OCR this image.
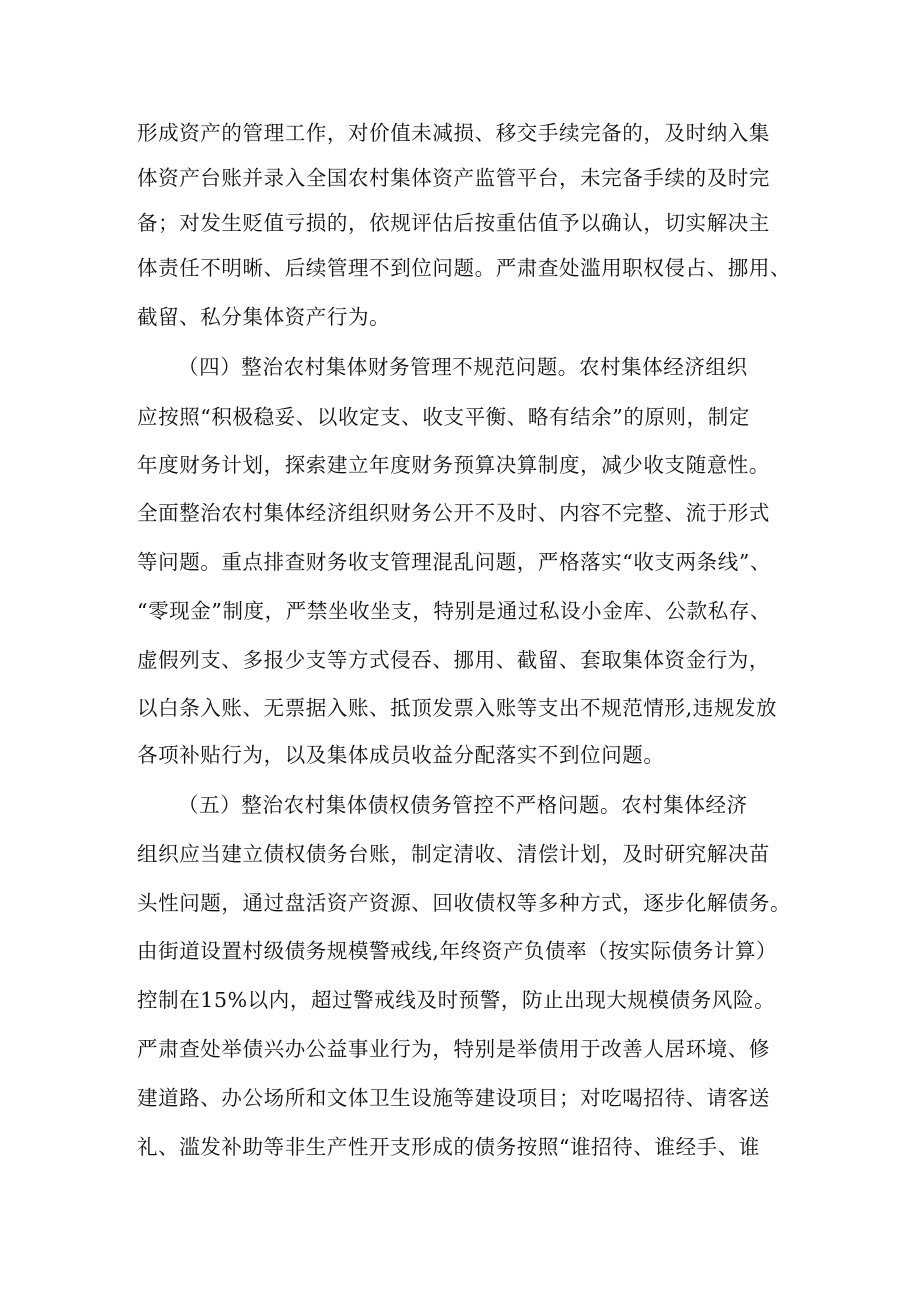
形成资产的管理工作，对价值未减损、移交手续完备的，及时纳入集
体资产台账并录入全国农村集体资产监管平台，未完备手续的及时完
备；对发生贬值亏损的，依规评估后按重估值予以确认，切实解决主
体责任不明晰、后续管理不到位问题。严肃查处滥用职权侵占、挪用、
截留、私分集体资产行为。
（四）整治农村集体财务管理不规范问题。农村集体经济组织
应按照“积极稳妥、以收定支、收支平衡、略有结余”的原则，制定
年度财务计划，探索建立年度财务预算决算制度，减少收支随意性。
全面整治农村集体经济组织财务公开不及时、内容不完整、流于形式
等问题。重点排查财务收支管理混乱问题，严格落实“收支两条线”、
“零现金”制度，严禁坐收坐支，特别是通过私设小金库、公款私存、
虚假列支、多报少支等方式侵吞、挪用、截留、套取集体资金行为，
以白条入账、无票据入账、抵顶发票入账等支出不规范情形,违规发放
各项补贴行为，以及集体成员收益分配落实不到位问题。
（五）整治农村集体债权债务管控不严格问题。农村集体经济
组织应当建立债权债务台账，制定清收、清偿计划，及时研究解决苗
头性问题，通过盘活资产资源、回收债权等多种方式，逐步化解债务。
由街道设置村级债务规模警戒线,年终资产负债率（按实际债务计算）
控制在15%以内，超过警戒线及时预警，防止出现大规模债务风险。
严肃查处举债兴办公益事业行为，特别是举债用于改善人居环境、修
建道路、办公场所和文体卫生设施等建设项目；对吃喝招待、请客送
礼、滥发补助等非生产性开支形成的债务按照“谁招待、谁经手、谁
